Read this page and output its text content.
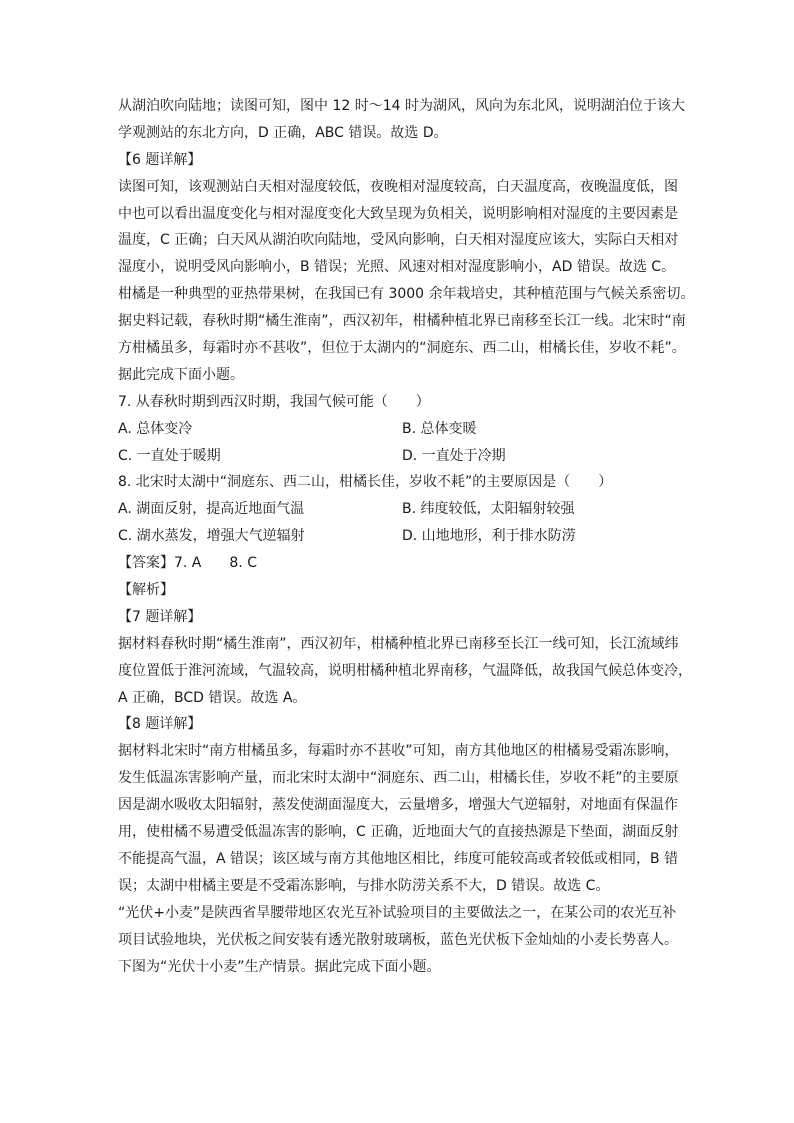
从湖泊吹向陆地；读图可知，图中 12 时～14 时为湖风，风向为东北风，说明湖泊位于该大
学观测站的东北方向，D 正确，ABC 错误。故选 D。
【6 题详解】
读图可知，该观测站白天相对湿度较低，夜晚相对湿度较高，白天温度高，夜晚温度低，图
中也可以看出温度变化与相对湿度变化大致呈现为负相关，说明影响相对湿度的主要因素是
温度，C 正确；白天风从湖泊吹向陆地，受风向影响，白天相对湿度应该大，实际白天相对
湿度小，说明受风向影响小，B 错误；光照、风速对相对湿度影响小，AD 错误。故选 C。
柑橘是一种典型的亚热带果树，在我国已有 3000 余年栽培史，其种植范围与气候关系密切。
据史料记载，春秋时期“橘生淮南”，西汉初年，柑橘种植北界已南移至长江一线。北宋时“南
方柑橘虽多，每霜时亦不甚收”，但位于太湖内的“洞庭东、西二山，柑橘长佳，岁收不耗”。
据此完成下面小题。
7. 从春秋时期到西汉时期，我国气候可能（　　）
A. 总体变冷	B. 总体变暖
C. 一直处于暖期	D. 一直处于冷期
8. 北宋时太湖中“洞庭东、西二山，柑橘长佳，岁收不耗”的主要原因是（　　）
A. 湖面反射，提高近地面气温	B. 纬度较低，太阳辐射较强
C. 湖水蒸发，增强大气逆辐射	D. 山地地形，利于排水防涝
【答案】7. A　　8. C
【解析】
【7 题详解】
据材料春秋时期“橘生淮南”，西汉初年，柑橘种植北界已南移至长江一线可知，长江流域纬
度位置低于淮河流域，气温较高，说明柑橘种植北界南移，气温降低，故我国气候总体变冷，
A 正确，BCD 错误。故选 A。
【8 题详解】
据材料北宋时“南方柑橘虽多，每霜时亦不甚收”可知，南方其他地区的柑橘易受霜冻影响，
发生低温冻害影响产量，而北宋时太湖中“洞庭东、西二山，柑橘长佳，岁收不耗”的主要原
因是湖水吸收太阳辐射，蒸发使湖面湿度大，云量增多，增强大气逆辐射，对地面有保温作
用，使柑橘不易遭受低温冻害的影响，C 正确，近地面大气的直接热源是下垫面，湖面反射
不能提高气温，A 错误；该区域与南方其他地区相比，纬度可能较高或者较低或相同，B 错
误；太湖中柑橘主要是不受霜冻影响，与排水防涝关系不大，D 错误。故选 C。
“光伏+小麦”是陕西省旱腰带地区农光互补试验项目的主要做法之一，在某公司的农光互补
项目试验地块，光伏板之间安装有透光散射玻璃板，蓝色光伏板下金灿灿的小麦长势喜人。
下图为“光伏十小麦”生产情景。据此完成下面小题。
